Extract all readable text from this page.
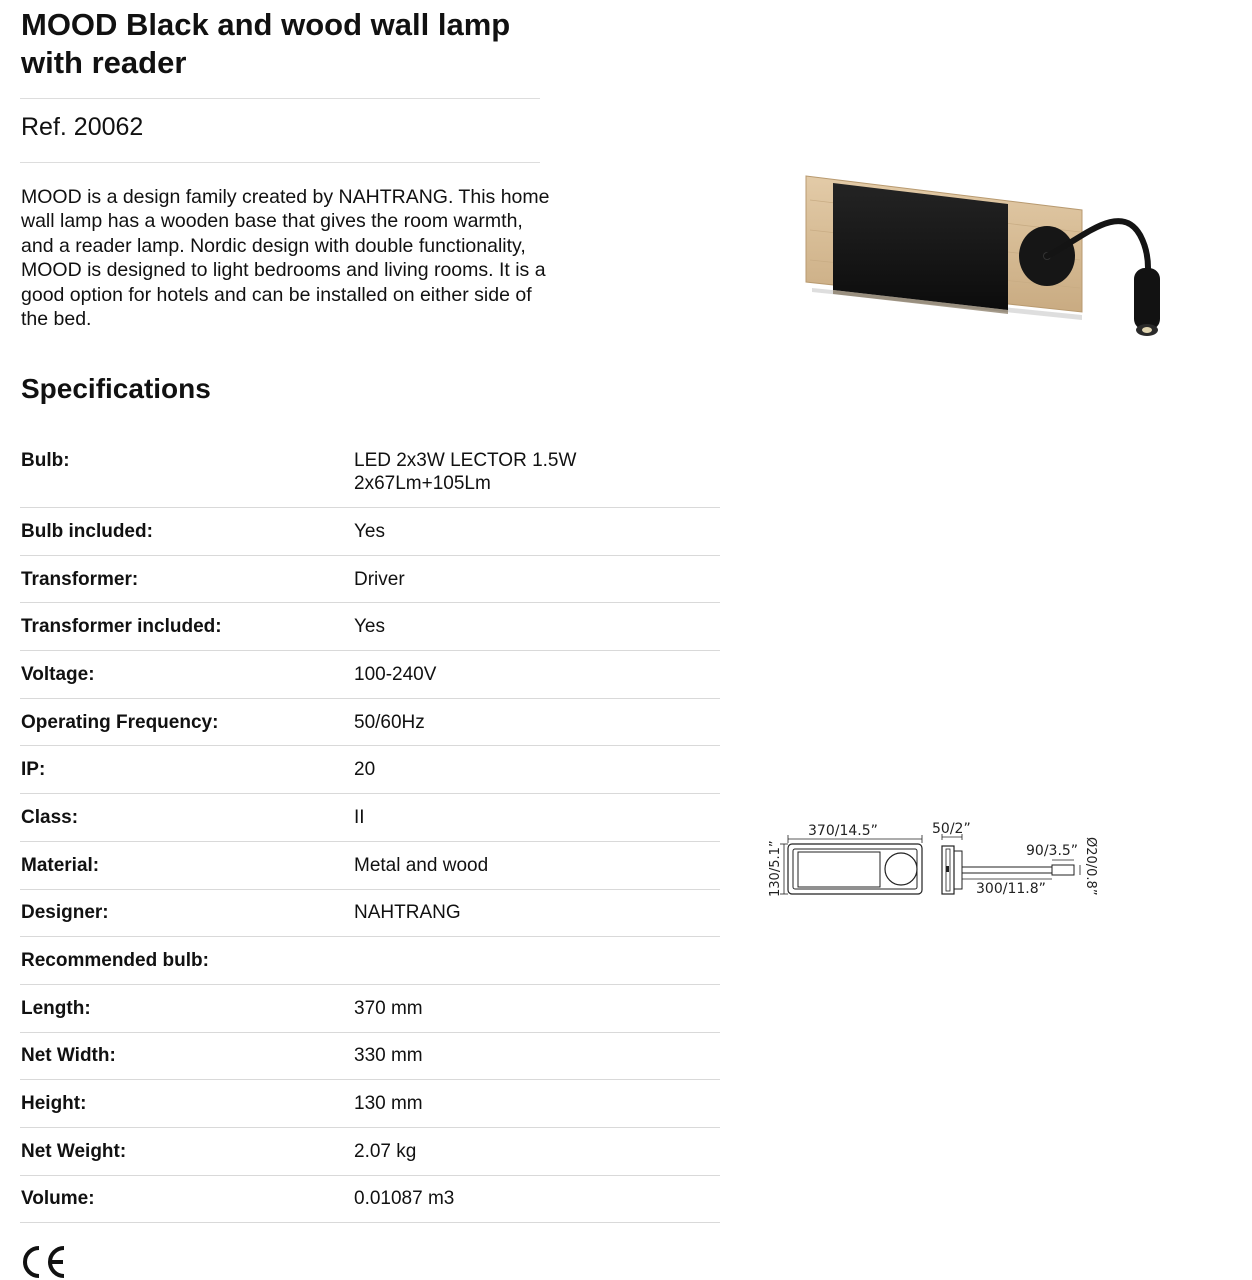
MOOD Black and wood wall lamp with reader
Ref. 20062

MOOD is a design family created by NAHTRANG. This home wall lamp has a wooden base that gives the room warmth, and a reader lamp. Nordic design with double functionality, MOOD is designed to light bedrooms and living rooms. It is a good option for hotels and can be installed on either side of the bed.

Specifications
Bulb:	LED 2x3W LECTOR 1.5W
2x67Lm+105Lm
Bulb included:	Yes
Transformer:	Driver
Transformer included:	Yes
Voltage:	100-240V
Operating Frequency:	50/60Hz
IP:	20
Class:	II
Material:	Metal and wood
Designer:	NAHTRANG
Recommended bulb:
Length:	370 mm
Net Width:	330 mm
Height:	130 mm
Net Weight:	2.07 kg
Volume:	0.01087 m3
370/14.5”
130/5.1”
50/2”
300/11.8”
90/3.5” Ø20/0.8”
